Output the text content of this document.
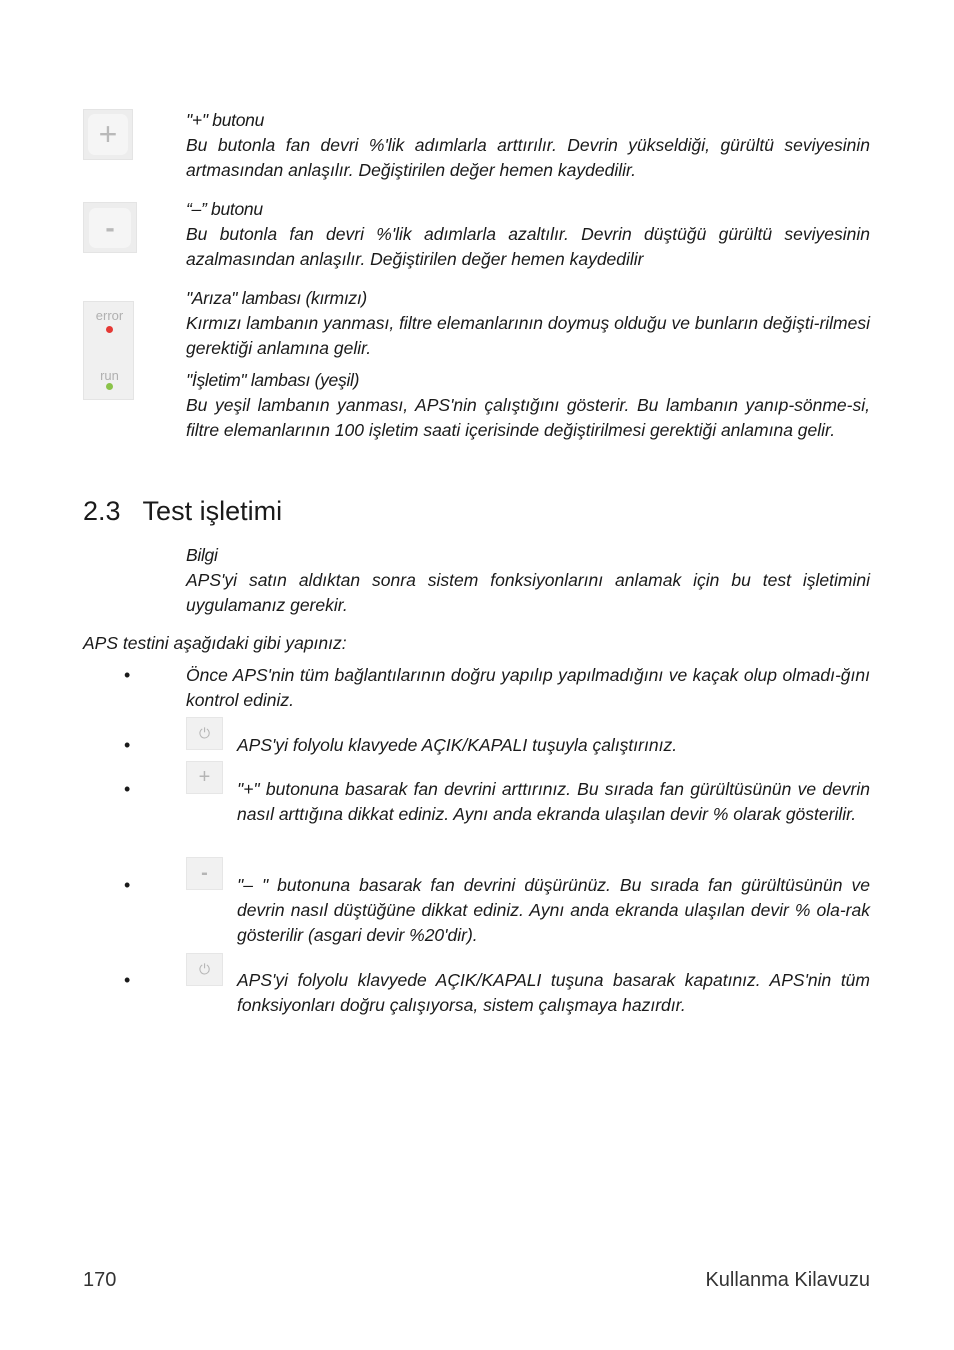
+
-
error
run
"+" butonu
Bu butonla fan devri %'lik adımlarla arttırılır. Devrin yükseldiği, gürültü seviyesinin artmasından anlaşılır. Değiştirilen değer hemen kaydedilir.
“–” butonu
Bu butonla fan devri %'lik adımlarla azaltılır. Devrin düştüğü gürültü seviyesinin azalmasından anlaşılır. Değiştirilen değer hemen kaydedilir
"Arıza" lambası (kırmızı)
Kırmızı lambanın yanması, filtre elemanlarının doymuş olduğu ve bunların değişti-rilmesi gerektiği anlamına gelir.
"İşletim" lambası (yeşil)
Bu yeşil lambanın yanması, APS'nin çalıştığını gösterir. Bu lambanın yanıp-sönme-si, filtre elemanlarının 100 işletim saati içerisinde değiştirilmesi gerektiği anlamına gelir.
2.3 Test işletimi
Bilgi
APS'yi satın aldıktan sonra sistem fonksiyonlarını anlamak için bu test işletimini uygulamanız gerekir.
APS testini aşağıdaki gibi yapınız:
•	Önce APS'nin tüm bağlantılarının doğru yapılıp yapılmadığını ve kaçak olup olmadı-ğını kontrol ediniz.
•
⏻
APS'yi folyolu klavyede AÇIK/KAPALI tuşuyla çalıştırınız.
•
+
"+" butonuna basarak fan devrini arttırınız. Bu sırada fan gürültüsünün ve devrin nasıl arttığına dikkat ediniz. Aynı anda ekranda ulaşılan devir % olarak gösterilir.
•
-
"– " butonuna basarak fan devrini düşürünüz. Bu sırada fan gürültüsünün ve devrin nasıl düştüğüne dikkat ediniz. Aynı anda ekranda ulaşılan devir % ola-rak gösterilir (asgari devir %20'dir).
•
⏻
APS'yi folyolu klavyede AÇIK/KAPALI tuşuna basarak kapatınız. APS'nin tüm fonksiyonları doğru çalışıyorsa, sistem çalışmaya hazırdır.
170	Kullanma Kilavuzu
